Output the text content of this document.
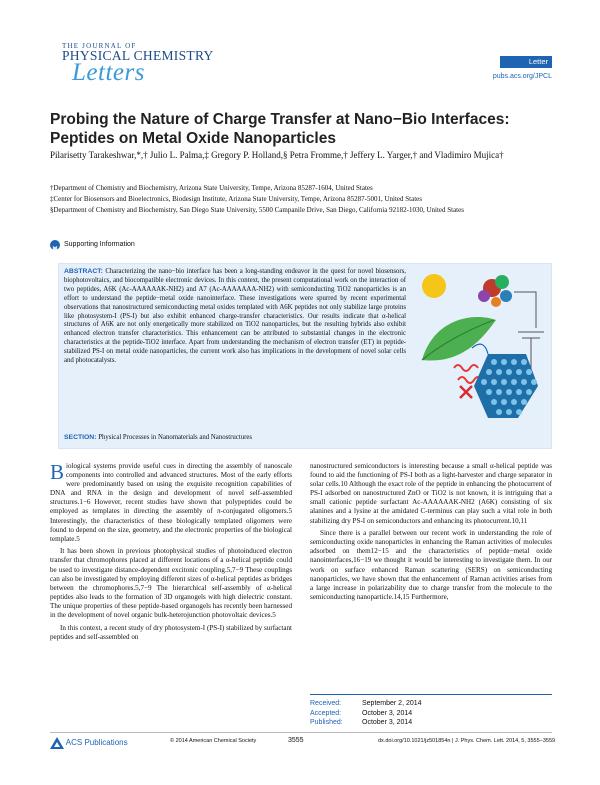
THE JOURNAL OF
PHYSICAL CHEMISTRY
Letters	Letter
pubs.acs.org/JPCL
Probing the Nature of Charge Transfer at Nano−Bio Interfaces: Peptides on Metal Oxide Nanoparticles
Pilarisetty Tarakeshwar,*,† Julio L. Palma,‡ Gregory P. Holland,§ Petra Fromme,† Jeffery L. Yarger,† and Vladimiro Mujica†

†Department of Chemistry and Biochemistry, Arizona State University, Tempe, Arizona 85287-1604, United States

‡Center for Biosensors and Bioelectronics, Biodesign Institute, Arizona State University, Tempe, Arizona 85287-5001, United States

§Department of Chemistry and Biochemistry, San Diego State University, 5500 Campanile Drive, San Diego, California 92182-1030, United States

Supporting Information
ABSTRACT: Characterizing the nano−bio interface has been a long-standing endeavor in the quest for novel biosensors, biophotovoltaics, and biocompatible electronic devices. In this context, the present computational work on the interaction of two peptides, A6K (Ac-AAAAAAK-NH2) and A7 (Ac-AAAAAAA-NH2) with semiconducting TiO2 nanoparticles is an effort to understand the peptide−metal oxide nanointerface. These investigations were spurred by recent experimental observations that nanostructured semiconducting metal oxides templated with A6K peptides not only stabilize large proteins like photosystem-I (PS-I) but also exhibit enhanced charge-transfer characteristics. Our results indicate that α-helical structures of A6K are not only energetically more stabilized on TiO2 nanoparticles, but the resulting hybrids also exhibit enhanced electron transfer characteristics. This enhancement can be attributed to substantial changes in the electronic characteristics at the peptide-TiO2 interface. Apart from understanding the mechanism of electron transfer (ET) in peptide-stabilized PS-I on metal oxide nanoparticles, the current work also has implications in the development of novel solar cells and photocatalysts.
SECTION: Physical Processes in Nanomaterials and Nanostructures

Biological systems provide useful cues in directing the assembly of nanoscale components into controlled and advanced structures. Most of the early efforts were predominantly based on using the exquisite recognition capabilities of DNA and RNA in the design and development of novel self-assembled structures.1−6 However, recent studies have shown that polypeptides could be employed as templates in directing the assembly of π-conjugated oligomers.5 Interestingly, the characteristics of these biologically templated oligomers were found to depend on the size, geometry, and the electronic properties of the biological template.5

It has been shown in previous photophysical studies of photoinduced electron transfer that chromophores placed at different locations of a α-helical peptide could be used to investigate distance-dependent excitonic coupling.5,7−9 These couplings can also be investigated by employing different sizes of α-helical peptides as bridges between the chromophores.5,7−9 The hierarchical self-assembly of α-helical peptides also leads to the formation of 3D organogels with high dielectric constant. The unique properties of these peptide-based organogels has recently been harnessed in the development of novel organic bulk-heterojunction photovoltaic devices.5

In this context, a recent study of dry photosystem-I (PS-I) stabilized by surfactant peptides and self-assembled on

nanostructured semiconductors is interesting because a small α-helical peptide was found to aid the functioning of PS-I both as a light-harvester and charge separator in solar cells.10 Although the exact role of the peptide in enhancing the photocurrent of PS-I adsorbed on nanostructured ZnO or TiO2 is not known, it is intriguing that a small cationic peptide surfactant Ac-AAAAAAK-NH2 (A6K) consisting of six alanines and a lysine at the amidated C-terminus can play such a vital role in both stabilizing dry PS-I on semiconductors and enhancing its photocurrent.10,11

Since there is a parallel between our recent work in understanding the role of semiconducting oxide nanoparticles in enhancing the Raman activities of molecules adsorbed on them12−15 and the characteristics of peptide−metal oxide nanointerfaces,16−19 we thought it would be interesting to investigate them. In our work on surface enhanced Raman scattering (SERS) on semiconducting nanoparticles, we have shown that the enhancement of Raman activities arises from a large increase in polarizability due to charge transfer from the molecule to the semiconducting nanoparticle.14,15 Furthermore,

Received:	September 2, 2014
Accepted:	October 3, 2014
Published:	October 3, 2014
ACS Publications	© 2014 American Chemical Society	3555	dx.doi.org/10.1021/jz501854n | J. Phys. Chem. Lett. 2014, 5, 3555−3559
